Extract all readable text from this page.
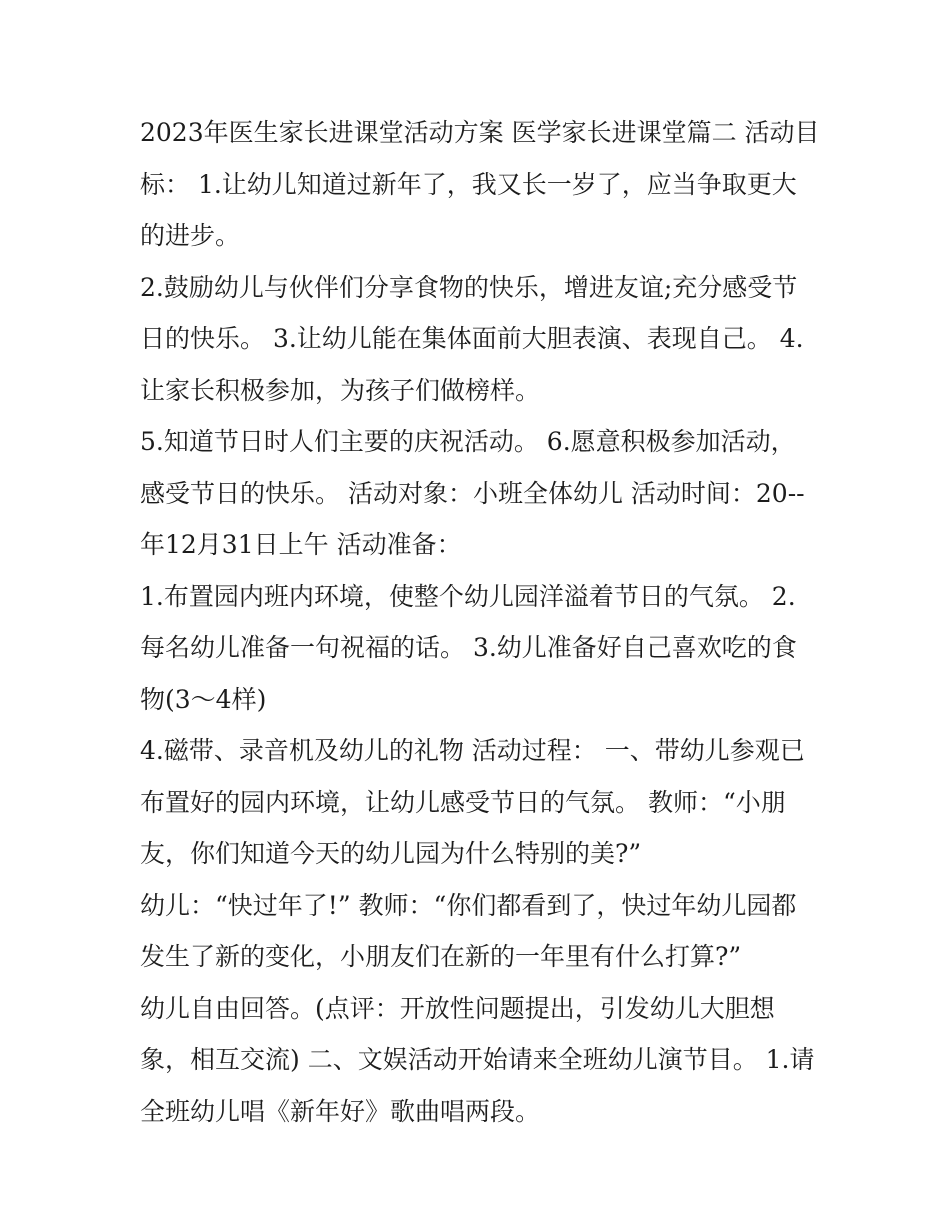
2023年医生家长进课堂活动方案 医学家长进课堂篇二 活动目标： 1.让幼儿知道过新年了，我又长一岁了，应当争取更大的进步。

2.鼓励幼儿与伙伴们分享食物的快乐，增进友谊;充分感受节日的快乐。 3.让幼儿能在集体面前大胆表演、表现自己。 4.让家长积极参加，为孩子们做榜样。

5.知道节日时人们主要的庆祝活动。 6.愿意积极参加活动，感受节日的快乐。 活动对象：小班全体幼儿 活动时间：20--年12月31日上午 活动准备：

1.布置园内班内环境，使整个幼儿园洋溢着节日的气氛。 2.每名幼儿准备一句祝福的话。 3.幼儿准备好自己喜欢吃的食物(3～4样)

4.磁带、录音机及幼儿的礼物 活动过程： 一、带幼儿参观已布置好的园内环境，让幼儿感受节日的气氛。 教师：“小朋友，你们知道今天的幼儿园为什么特别的美?”

幼儿：“快过年了!” 教师：“你们都看到了，快过年幼儿园都发生了新的变化，小朋友们在新的一年里有什么打算?”

幼儿自由回答。(点评：开放性问题提出，引发幼儿大胆想象，相互交流) 二、文娱活动开始请来全班幼儿演节目。 1.请全班幼儿唱《新年好》歌曲唱两段。
